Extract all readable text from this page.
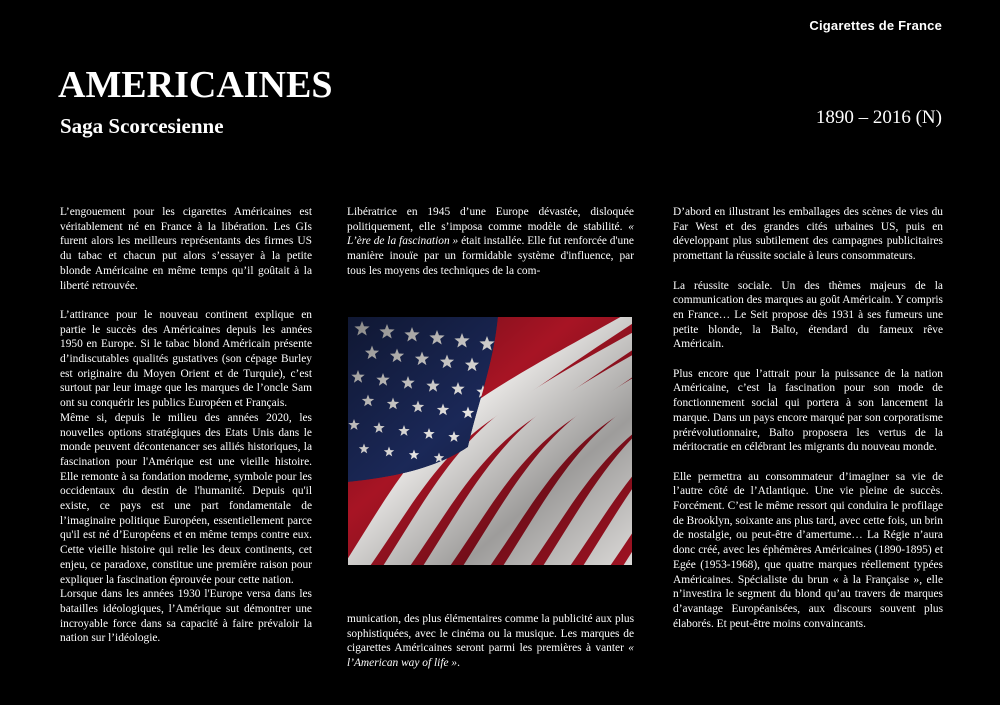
Cigarettes de France
AMERICAINES
Saga Scorcesienne	1890 – 2016 (N)

L’engouement pour les cigarettes Américaines est véritablement né en France à la libération. Les GIs furent alors les meilleurs représentants des firmes US du tabac et chacun put alors s’essayer à la petite blonde Américaine en même temps qu’il goûtait à la liberté retrouvée.

L’attirance pour le nouveau continent explique en partie le succès des Américaines depuis les années 1950 en Europe. Si le tabac blond Américain présente d’indiscutables qualités gustatives (son cépage Burley est originaire du Moyen Orient et de Turquie), c’est surtout par leur image que les marques de l’oncle Sam ont su conquérir les publics Européen et Français.

Même si, depuis le milieu des années 2020, les nouvelles options stratégiques des Etats Unis dans le monde peuvent décontenancer ses alliés historiques, la fascination pour l'Amérique est une vieille histoire. Elle remonte à sa fondation moderne, symbole pour les occidentaux du destin de l'humanité. Depuis qu'il existe, ce pays est une part fondamentale de l’imaginaire politique Européen, essentiellement parce qu'il est né d’Européens et en même temps contre eux. Cette vieille histoire qui relie les deux continents, cet enjeu, ce paradoxe, constitue une première raison pour expliquer la fascination éprouvée pour cette nation.

Lorsque dans les années 1930 l'Europe versa dans les batailles idéologiques, l’Amérique sut démontrer une incroyable force dans sa capacité à faire prévaloir la nation sur l’idéologie.

Libératrice en 1945 d’une Europe dévastée, disloquée politiquement, elle s’imposa comme modèle de stabilité. « L’ère de la fascination » était installée. Elle fut renforcée d'une manière inouïe par un formidable système d'influence, par tous les moyens des techniques de la com-

munication, des plus élémentaires comme la publicité aux plus sophistiquées, avec le cinéma ou la musique. Les marques de cigarettes Américaines seront parmi les premières à vanter « l’American way of life ».

D’abord en illustrant les emballages des scènes de vies du Far West et des grandes cités urbaines US, puis en développant plus subtilement des campagnes publicitaires promettant la réussite sociale à leurs consommateurs.

La réussite sociale. Un des thèmes majeurs de la communication des marques au goût Américain. Y compris en France… Le Seit propose dès 1931 à ses fumeurs une petite blonde, la Balto, étendard du fameux rêve Américain.

Plus encore que l’attrait pour la puissance de la nation Américaine, c’est la fascination pour son mode de fonctionnement social qui portera à son lancement la marque. Dans un pays encore marqué par son corporatisme prérévolutionnaire, Balto proposera les vertus de la méritocratie en célébrant les migrants du nouveau monde.

Elle permettra au consommateur d’imaginer sa vie de l’autre côté de l’Atlantique. Une vie pleine de succès. Forcément. C’est le même ressort qui conduira le profilage de Brooklyn, soixante ans plus tard, avec cette fois, un brin de nostalgie, ou peut-être d’amertume… La Régie n’aura donc créé, avec les éphémères Américaines (1890-1895) et Egée (1953-1968), que quatre marques réellement typées Américaines. Spécialiste du brun « à la Française », elle n’investira le segment du blond qu’au travers de marques d’avantage Européanisées, aux discours souvent plus élaborés. Et peut-être moins convaincants.
